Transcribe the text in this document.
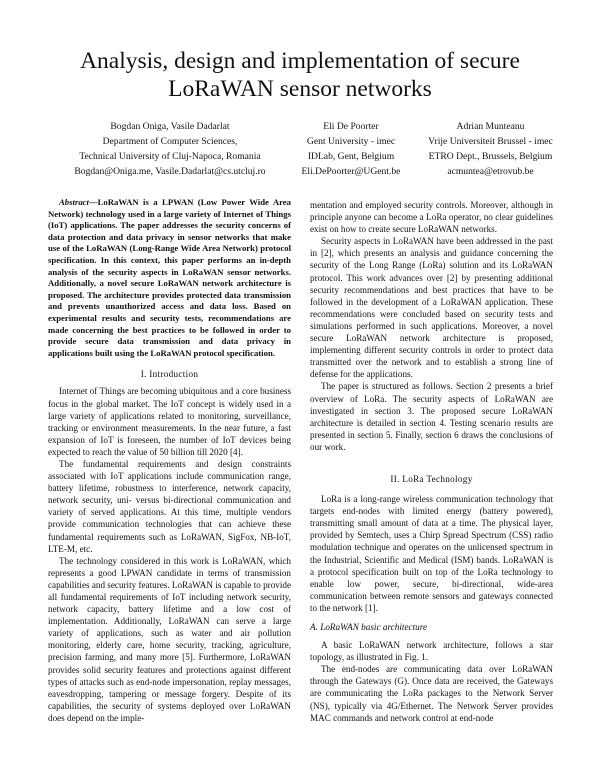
Analysis, design and implementation of secure LoRaWAN sensor networks
Bogdan Oniga, Vasile Dadarlat
Department of Computer Sciences,
Technical University of Cluj-Napoca, Romania
Bogdan@Oniga.me, Vasile.Dadarlat@cs.utcluj.ro
Eli De Poorter
Gent University - imec
IDLab, Gent, Belgium
Eli.DePoorter@UGent.be
Adrian Munteanu
Vrije Universiteit Brussel - imec
ETRO Dept., Brussels, Belgium
acmuntea@etrovub.be

Abstract—LoRaWAN is a LPWAN (Low Power Wide Area Network) technology used in a large variety of Internet of Things (IoT) applications. The paper addresses the security concerns of data protection and data privacy in sensor networks that make use of the LoRaWAN (Long-Range Wide Area Network) protocol specification. In this context, this paper performs an in-depth analysis of the security aspects in LoRaWAN sensor networks. Additionally, a novel secure LoRaWAN network architecture is proposed. The architecture provides protected data transmission and prevents unauthorized access and data loss. Based on experimental results and security tests, recommendations are made concerning the best practices to be followed in order to provide secure data transmission and data privacy in applications built using the LoRaWAN protocol specification.

I. Introduction

Internet of Things are becoming ubiquitous and a core business focus in the global market. The IoT concept is widely used in a large variety of applications related to monitoring, surveillance, tracking or environment measurements. In the near future, a fast expansion of IoT is foreseen, the number of IoT devices being expected to reach the value of 50 billion till 2020 [4].

The fundamental requirements and design constraints associated with IoT applications include communication range, battery lifetime, robustness to interference, network capacity, network security, uni- versus bi-directional communication and variety of served applications. At this time, multiple vendors provide communication technologies that can achieve these fundamental requirements such as LoRaWAN, SigFox, NB-IoT, LTE-M, etc.

The technology considered in this work is LoRaWAN, which represents a good LPWAN candidate in terms of transmission capabilities and security features. LoRaWAN is capable to provide all fundamental requirements of IoT including network security, network capacity, battery lifetime and a low cost of implementation. Additionally, LoRaWAN can serve a large variety of applications, such as water and air pollution monitoring, elderly care, home security, tracking, agriculture, precision farming, and many more [5]. Furthermore, LoRaWAN provides solid security features and protections against different types of attacks such as end-node impersonation, replay messages, eavesdropping, tampering or message forgery. Despite of its capabilities, the security of systems deployed over LoRaWAN does depend on the imple-

mentation and employed security controls. Moreover, although in principle anyone can become a LoRa operator, no clear guidelines exist on how to create secure LoRaWAN networks.

Security aspects in LoRaWAN have been addressed in the past in [2], which presents an analysis and guidance concerning the security of the Long Range (LoRa) solution and its LoRaWAN protocol. This work advances over [2] by presenting additional security recommendations and best practices that have to be followed in the development of a LoRaWAN application. These recommendations were concluded based on security tests and simulations performed in such applications. Moreover, a novel secure LoRaWAN network architecture is proposed, implementing different security controls in order to protect data transmitted over the network and to establish a strong line of defense for the applications.

The paper is structured as follows. Section 2 presents a brief overview of LoRa. The security aspects of LoRaWAN are investigated in section 3. The proposed secure LoRaWAN architecture is detailed in section 4. Testing scenario results are presented in section 5. Finally, section 6 draws the conclusions of our work.

II. LoRa Technology

LoRa is a long-range wireless communication technology that targets end-nodes with limited energy (battery powered), transmitting small amount of data at a time. The physical layer, provided by Semtech, uses a Chirp Spread Spectrum (CSS) radio modulation technique and operates on the unlicensed spectrum in the Industrial, Scientific and Medical (ISM) bands. LoRaWAN is a protocol specification built on top of the LoRa technology to enable low power, secure, bi-directional, wide-area communication between remote sensors and gateways connected to the network [1].

A. LoRaWAN basic architecture

A basic LoRaWAN network architecture, follows a star topology, as illustrated in Fig. 1.

The end-nodes are communicating data over LoRaWAN through the Gateways (G). Once data are received, the Gateways are communicating the LoRa packages to the Network Server (NS), typically via 4G/Ethernet. The Network Server provides MAC commands and network control at end-node
